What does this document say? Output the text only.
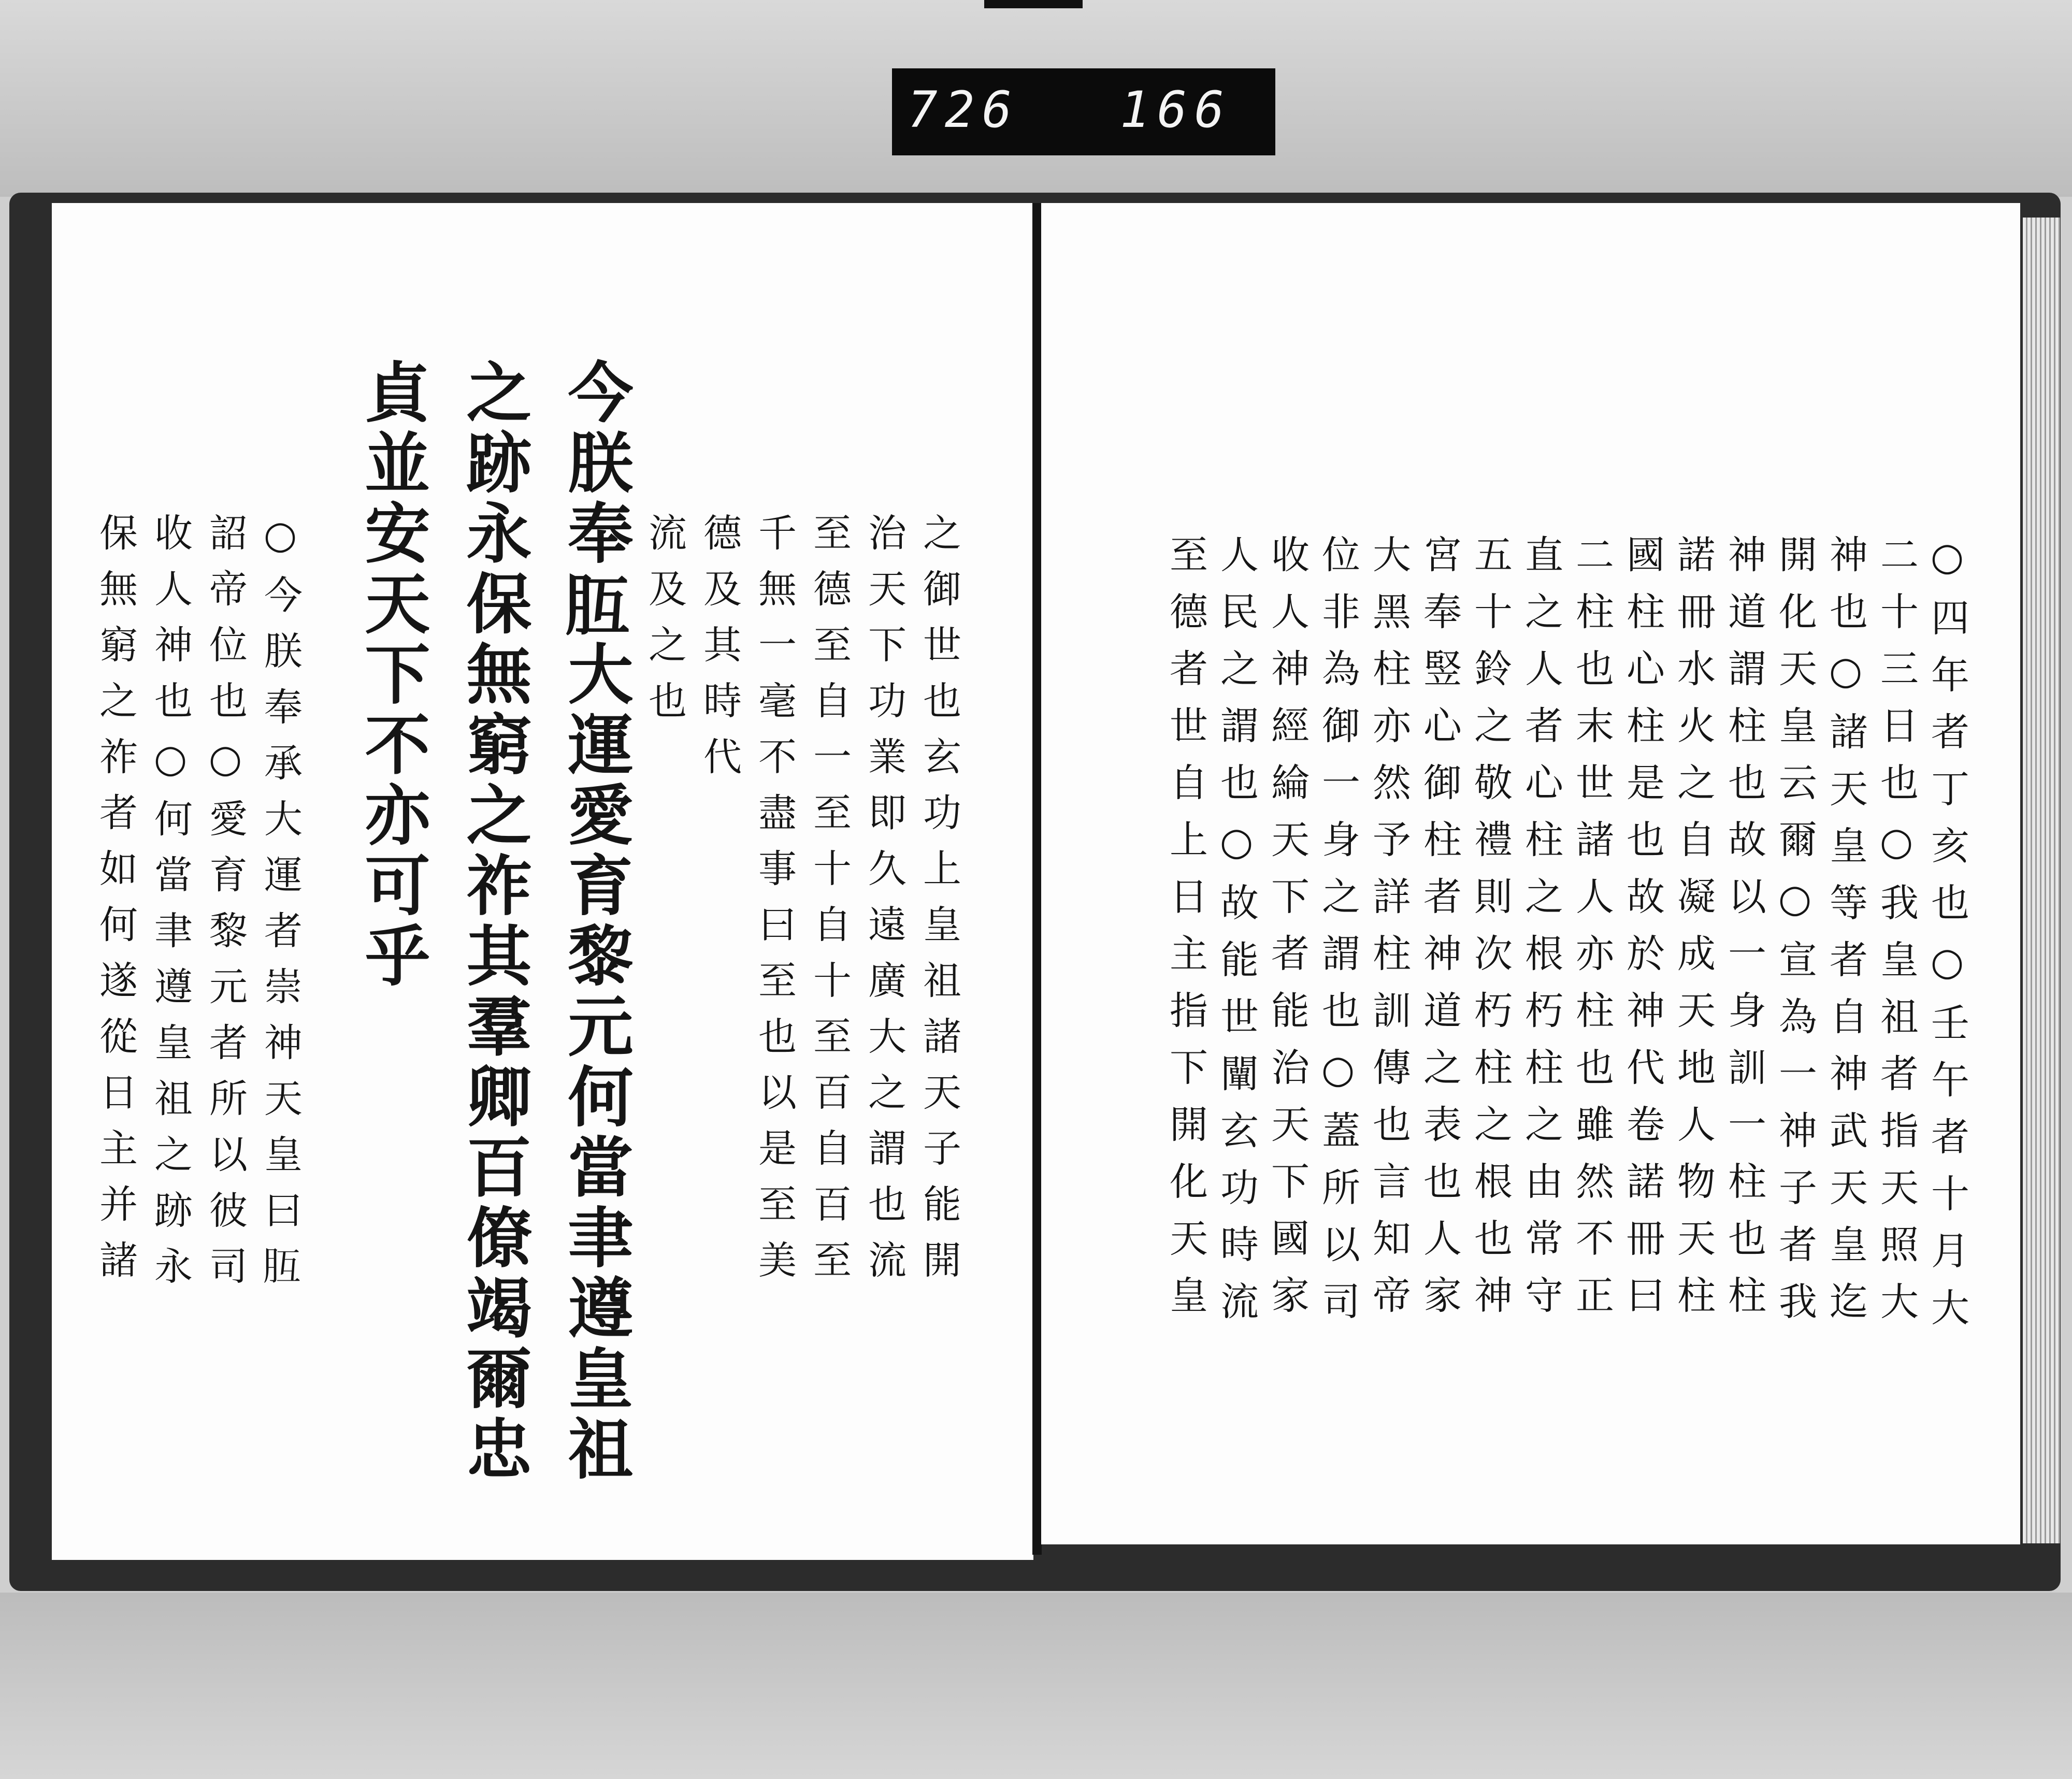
726 166
今朕奉𦙁大運愛育黎元何當聿遵皇祖
之跡永保無窮之祚其羣卿百僚竭爾忠
貞並安天下不亦可乎	之御世也玄功上皇祖諸天子能開
治天下功業即久遠廣大之謂也流
至德至自一至十自十至百自百至
千無一毫不盡事曰至也以是至美
德及其時代
流及之也
○今朕奉承大運者崇神天皇曰𦙁
詔帝位也○愛育黎元者所以彼司
收人神也○何當聿遵皇祖之跡永
保無窮之祚者如何遂從日主并諸	○四年者丁亥也○壬午者十月大
二十三日也○我皇祖者指天照大
神也○諸天皇等者自神武天皇迄
開化天皇云爾○宣為一神子者我
神道謂柱也故以一身訓一柱也柱
諾冊水火之自凝成天地人物天柱
國柱心柱是也故於神代卷諾冊曰
二柱也末世諸人亦柱也雖然不正
直之人者心柱之根朽柱之由常守
五十鈴之敬禮則次朽柱之根也神
宮奉竪心御柱者神道之表也人家
大黑柱亦然予詳柱訓傳也言知帝
位非為御一身之謂也○蓋所以司
收人神經綸天下者能治天下國家
人民之謂也○故能世闡玄功時流
至德者世自上日主指下開化天皇
